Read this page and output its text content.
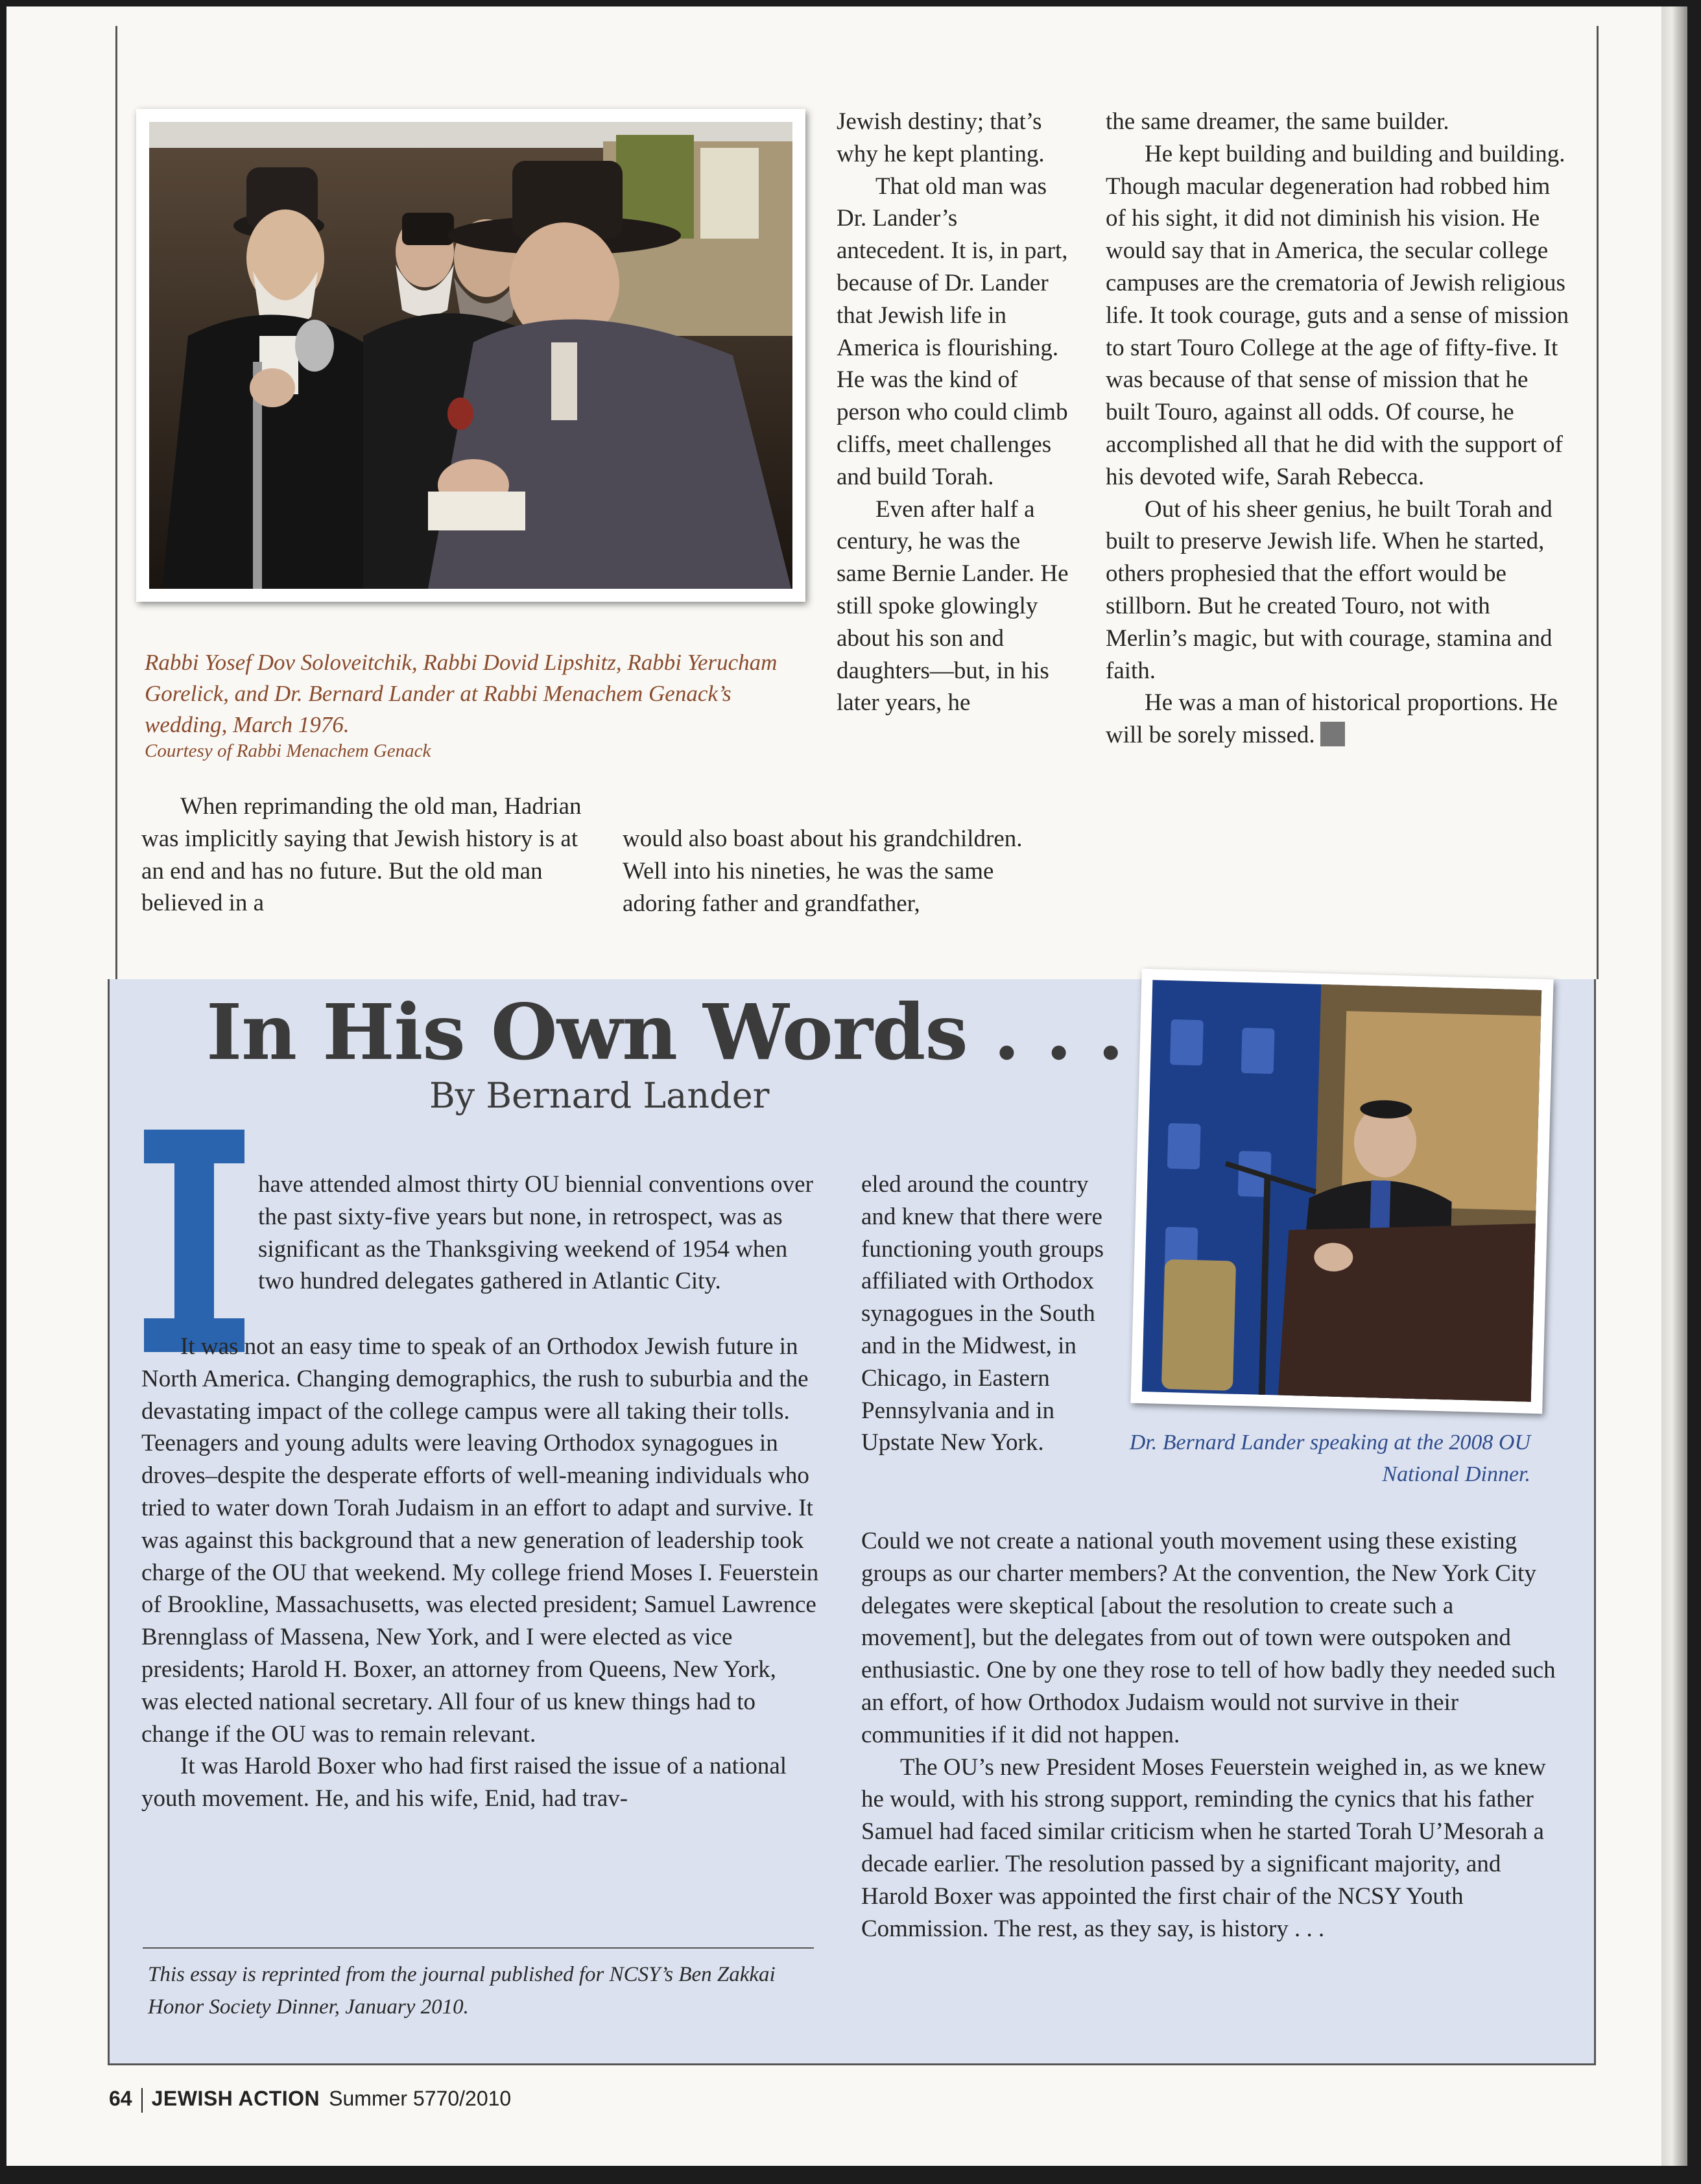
Rabbi Yosef Dov Soloveitchik, Rabbi Dovid Lipshitz, Rabbi Yerucham Gorelick, and Dr. Bernard Lander at Rabbi Menachem Genack’s wedding, March 1976.
Courtesy of Rabbi Menachem Genack

When reprimanding the old man, Hadrian was implicitly saying that Jewish history is at an end and has no future. But the old man believed in a

Jewish destiny; that’s why he kept planting.

That old man was Dr. Lander’s antecedent. It is, in part, because of Dr. Lander that Jewish life in America is flourishing. He was the kind of person who could climb cliffs, meet challenges and build Torah.

Even after half a century, he was the same Bernie Lander. He still spoke glowingly about his son and daughters—but, in his later years, he

would also boast about his grandchildren. Well into his nineties, he was the same adoring father and grandfather,

the same dreamer, the same builder.

He kept building and building and building. Though macular degeneration had robbed him of his sight, it did not diminish his vision. He would say that in America, the secular college campuses are the crematoria of Jewish religious life. It took courage, guts and a sense of mission to start Touro College at the age of fifty-five. It was because of that sense of mission that he built Touro, against all odds. Of course, he accomplished all that he did with the support of his devoted wife, Sarah Rebecca.

Out of his sheer genius, he built Torah and built to preserve Jewish life. When he started, others prophesied that the effort would be stillborn. But he created Touro, not with Merlin’s magic, but with courage, stamina and faith.

He was a man of historical proportions. He will be sorely missed.

In His Own Words . . .
By Bernard Lander
Dr. Bernard Lander speaking at the 2008 OU National Dinner.

have attended almost thirty OU biennial conventions over the past sixty-five years but none, in retrospect, was as significant as the Thanksgiving weekend of 1954 when two hundred delegates gathered in Atlantic City.

It was not an easy time to speak of an Orthodox Jewish future in North America. Changing demographics, the rush to suburbia and the devastating impact of the college campus were all taking their tolls. Teenagers and young adults were leaving Orthodox synagogues in droves–despite the desperate efforts of well-meaning individuals who tried to water down Torah Judaism in an effort to adapt and survive. It was against this background that a new generation of leadership took charge of the OU that weekend. My college friend Moses I. Feuerstein of Brookline, Massachusetts, was elected president; Samuel Lawrence Brennglass of Massena, New York, and I were elected as vice presidents; Harold H. Boxer, an attorney from Queens, New York, was elected national secretary. All four of us knew things had to change if the OU was to remain relevant.

It was Harold Boxer who had first raised the issue of a national youth movement. He, and his wife, Enid, had trav-

This essay is reprinted from the journal published for NCSY’s Ben Zakkai Honor Society Dinner, January 2010.

eled around the country and knew that there were functioning youth groups affiliated with Orthodox synagogues in the South and in the Midwest, in Chicago, in Eastern Pennsylvania and in Upstate New York.

Could we not create a national youth movement using these existing groups as our charter members? At the convention, the New York City delegates were skeptical [about the resolution to create such a movement], but the delegates from out of town were outspoken and enthusiastic. One by one they rose to tell of how badly they needed such an effort, of how Orthodox Judaism would not survive in their communities if it did not happen.

The OU’s new President Moses Feuerstein weighed in, as we knew he would, with his strong support, reminding the cynics that his father Samuel had faced similar criticism when he started Torah U’Mesorah a decade earlier. The resolution passed by a significant majority, and Harold Boxer was appointed the first chair of the NCSY Youth Commission. The rest, as they say, is history . . .

64 JEWISH ACTION Summer 5770/2010
